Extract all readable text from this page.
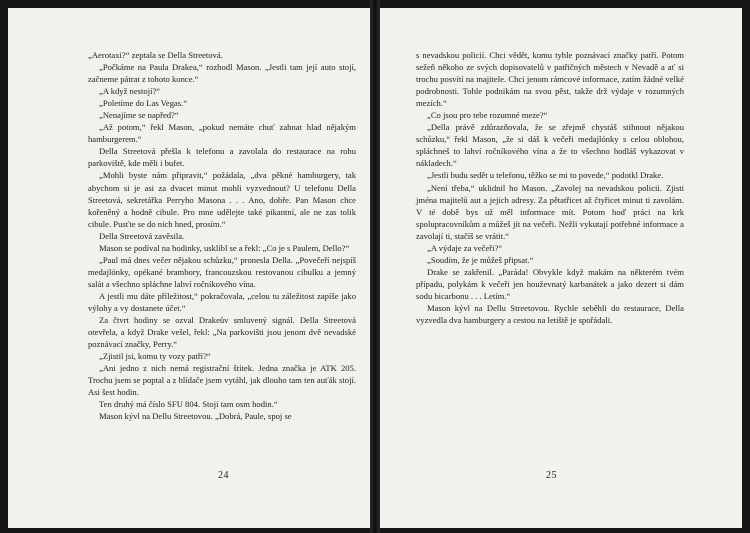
„Aerotaxi?“ zeptala se Della Streetová.

„Počkáme na Paula Drakea,“ rozhodl Mason. „Jestli tam její auto stojí, začneme pátrat z tohoto konce.“

„A když nestojí?“

„Poletíme do Las Vegas.“

„Nenajíme se napřed?“

„Až potom,“ řekl Mason, „pokud nemáte chuť zahnat hlad nějakým hamburgerem.“

Della Streetová přešla k telefonu a zavolala do restaurace na rohu parkoviště, kde měli i bufet.

„Mohli byste nám připravit,“ požádala, „dva pěkné hamburgery, tak abychom si je asi za dvacet minut mohli vyzvednout? U telefonu Della Streetová, sekretářka Perryho Masona . . . Ano, dobře. Pan Mason chce kořeněný a hodně cibule. Pro mne udělejte také pikantní, ale ne zas tolik cibule. Pusťte se do nich hned, prosím.“

Della Streetová zavěsila.

Mason se podíval na hodinky, usklíbl se a řekl: „Co je s Paulem, Dello?“

„Paul má dnes večer nějakou schůzku,“ pronesla Della. „Povečeří nejspíš medajlónky, opékané brambory, francouzskou restovanou cibulku a jemný salát a všechno spláchne lahví ročníkového vína.

A jestli mu dáte příležitost,“ pokračovala, „celou tu záležitost zapíše jako výlohy a vy dostanete účet.“

Za čtvrt hodiny se ozval Drakeův smluvený signál. Della Streetová otevřela, a když Drake vešel, řekl: „Na parkovišti jsou jenom dvě nevadské poznávací značky, Perry.“

„Zjistil jsi, komu ty vozy patří?“

„Ani jedno z nich nemá registrační štítek. Jedna značka je ATK 205. Trochu jsem se poptal a z hlídače jsem vytáhl, jak dlouho tam ten auťák stojí. Asi šest hodin.

Ten druhý má číslo SFU 804. Stojí tam osm hodin.“

Mason kývl na Dellu Streetovou. „Dobrá, Paule, spoj se

24

s nevadskou policií. Chci vědět, komu tyhle poznávací značky patří. Potom sežeň někoho ze svých dopisovatelů v patřičných městech v Nevadě a ať si trochu posvítí na majitele. Chci jenom rámcové informace, zatím žádné velké podrobnosti. Tohle podnikám na svou pěst, takže drž výdaje v rozumných mezích.“

„Co jsou pro tebe rozumné meze?“

„Della právě zdůrazňovala, že se zřejmě chystáš stihnout nějakou schůzku,“ řekl Mason, „že si dáš k večeři medajlónky s celou oblohou, spláchneš to lahví ročníkového vína a že to všechno hodláš vykazovat v nákladech.“

„Jestli budu sedět u telefonu, těžko se mi to povede,“ podotkl Drake.

„Není třeba,“ uklidnil ho Mason. „Zavolej na nevadskou policii. Zjisti jména majitelů aut a jejich adresy. Za pětatřicet až čtyřicet minut ti zavolám. V té době bys už měl informace mít. Potom hoď práci na krk spolupracovníkům a můžeš jít na večeři. Nežli vykutají potřebné informace a zavolají ti, stačíš se vrátit.“

„A výdaje za večeři?“

„Soudím, že je můžeš připsat.“

Drake se zakřenil. „Paráda! Obvykle když makám na některém tvém případu, polykám k večeři jen houževnatý karbanátek a jako dezert si dám sodu bicarbonu . . . Letím.“

Mason kývl na Dellu Streetovou. Rychle seběhli do restaurace, Della vyzvedla dva hamburgery a cestou na letiště je spořádali.

25
